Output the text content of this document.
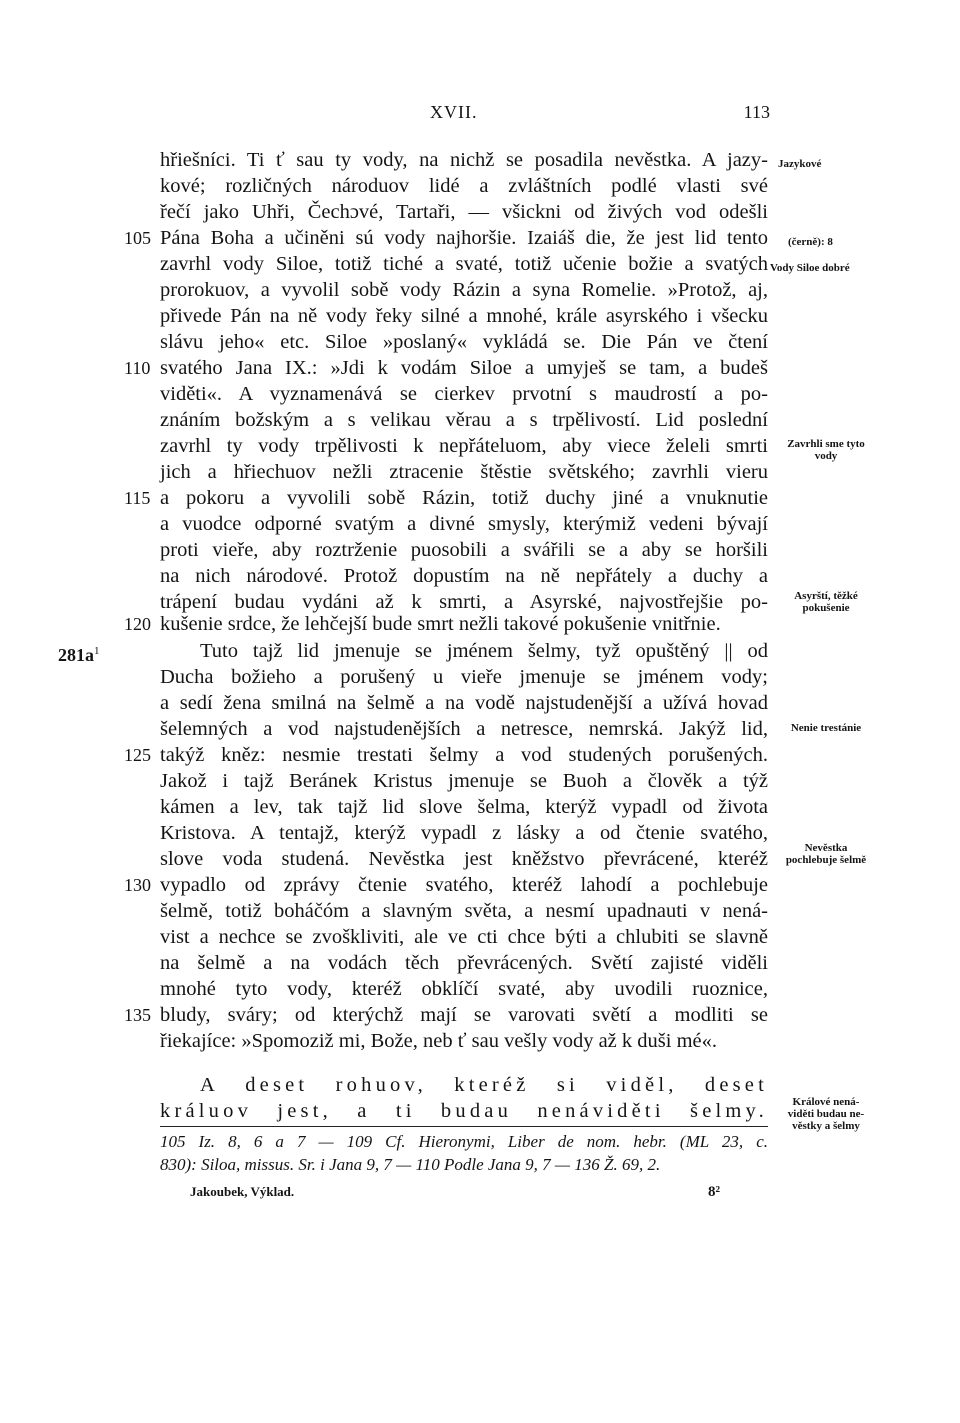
XVII.	113
hřiešníci. Ti ť sau ty vody, na nichž se posadila nevěstka. A jazy-
kové; rozličných národuov lidé a zvláštních podlé vlasti své
řečí jako Uhři, Čechɔvé, Tartaři, — všickni od živých vod odešli
Pána Boha a učiněni sú vody najhoršie. Izaiáš die, že jest lid tento
zavrhl vody Siloe, totiž tiché a svaté, totiž učenie božie a svatých
prorokuov, a vyvolil sobě vody Rázin a syna Romelie. »Protož, aj,
přivede Pán na ně vody řeky silné a mnohé, krále asyrského i všecku
slávu jeho« etc. Siloe »poslaný« vykládá se. Die Pán ve čtení
svatého Jana IX.: »Jdi k vodám Siloe a umyješ se tam, a budeš
viděti«. A vyznamenává se cierkev prvotní s maudrostí a po-
znáním božským a s velikau věrau a s trpělivostí. Lid poslední
zavrhl ty vody trpělivosti k nepřáteluom, aby viece želeli smrti
jich a hřiechuov nežli ztracenie štěstie světského; zavrhli vieru
a pokoru a vyvolili sobě Rázin, totiž duchy jiné a vnuknutie
a vuodce odporné svatým a divné smysly, kterýmiž vedeni bývají
proti vieře, aby roztrženie puosobili a svářili se a aby se horšili
na nich národové. Protož dopustím na ně nepřátely a duchy a
trápení budau vydáni až k smrti, a Asyrské, najvostřejšie po-
kušenie srdce, že lehčejší bude smrt nežli takové pokušenie vnitřnie.
Tuto tajž lid jmenuje se jménem šelmy, tyž opuštěný || od
Ducha božieho a porušený u vieře jmenuje se jménem vody;
a sedí žena smilná na šelmě a na vodě najstudenější a užívá hovad
šelemných a vod najstudenějších a netresce, nemrská. Jakýž lid,
takýž kněz: nesmie trestati šelmy a vod studených porušených.
Jakož i tajž Beránek Kristus jmenuje se Buoh a člověk a týž
kámen a lev, tak tajž lid slove šelma, kterýž vypadl od života
Kristova. A tentajž, kterýž vypadl z lásky a od čtenie svatého,
slove voda studená. Nevěstka jest kněžstvo převrácené, kteréž
vypadlo od zprávy čtenie svatého, kteréž lahodí a pochlebuje
šelmě, totiž boháčóm a slavným světa, a nesmí upadnauti v nená-
vist a nechce se zvoškliviti, ale ve cti chce býti a chlubiti se slavně
na šelmě a na vodách těch převrácených. Světí zajisté viděli
mnohé tyto vody, kteréž obklíčí svaté, aby uvodili ruoznice,
bludy, sváry; od kterýchž mají se varovati světí a modliti se
řiekajíce: »Spomoziž mi, Bože, neb ť sau vešly vody až k duši mé«.
A deset rohuov, kteréž si viděl, deset
králuov jest, a ti budau nenáviděti šelmy.
105
110
115
120
125
130
135
$281a^1$
Jazykové
(černě): 8
Vody Siloe dobré
Zavrhli sme tyto
vody
Asyrští, těžké
pokušenie
Nenie trestánie
Nevěstka
pochlebuje šelmě
Králové nená-
viděti budau ne-
věstky a šelmy
105 Iz. 8, 6 a 7 — 109 Cf. Hieronymi, Liber de nom. hebr. (ML 23, c.
830): Siloa, missus. Sr. i Jana 9, 7 — 110 Podle Jana 9, 7 — 136 Ž. 69, 2.
Jakoubek, Výklad.	8²
